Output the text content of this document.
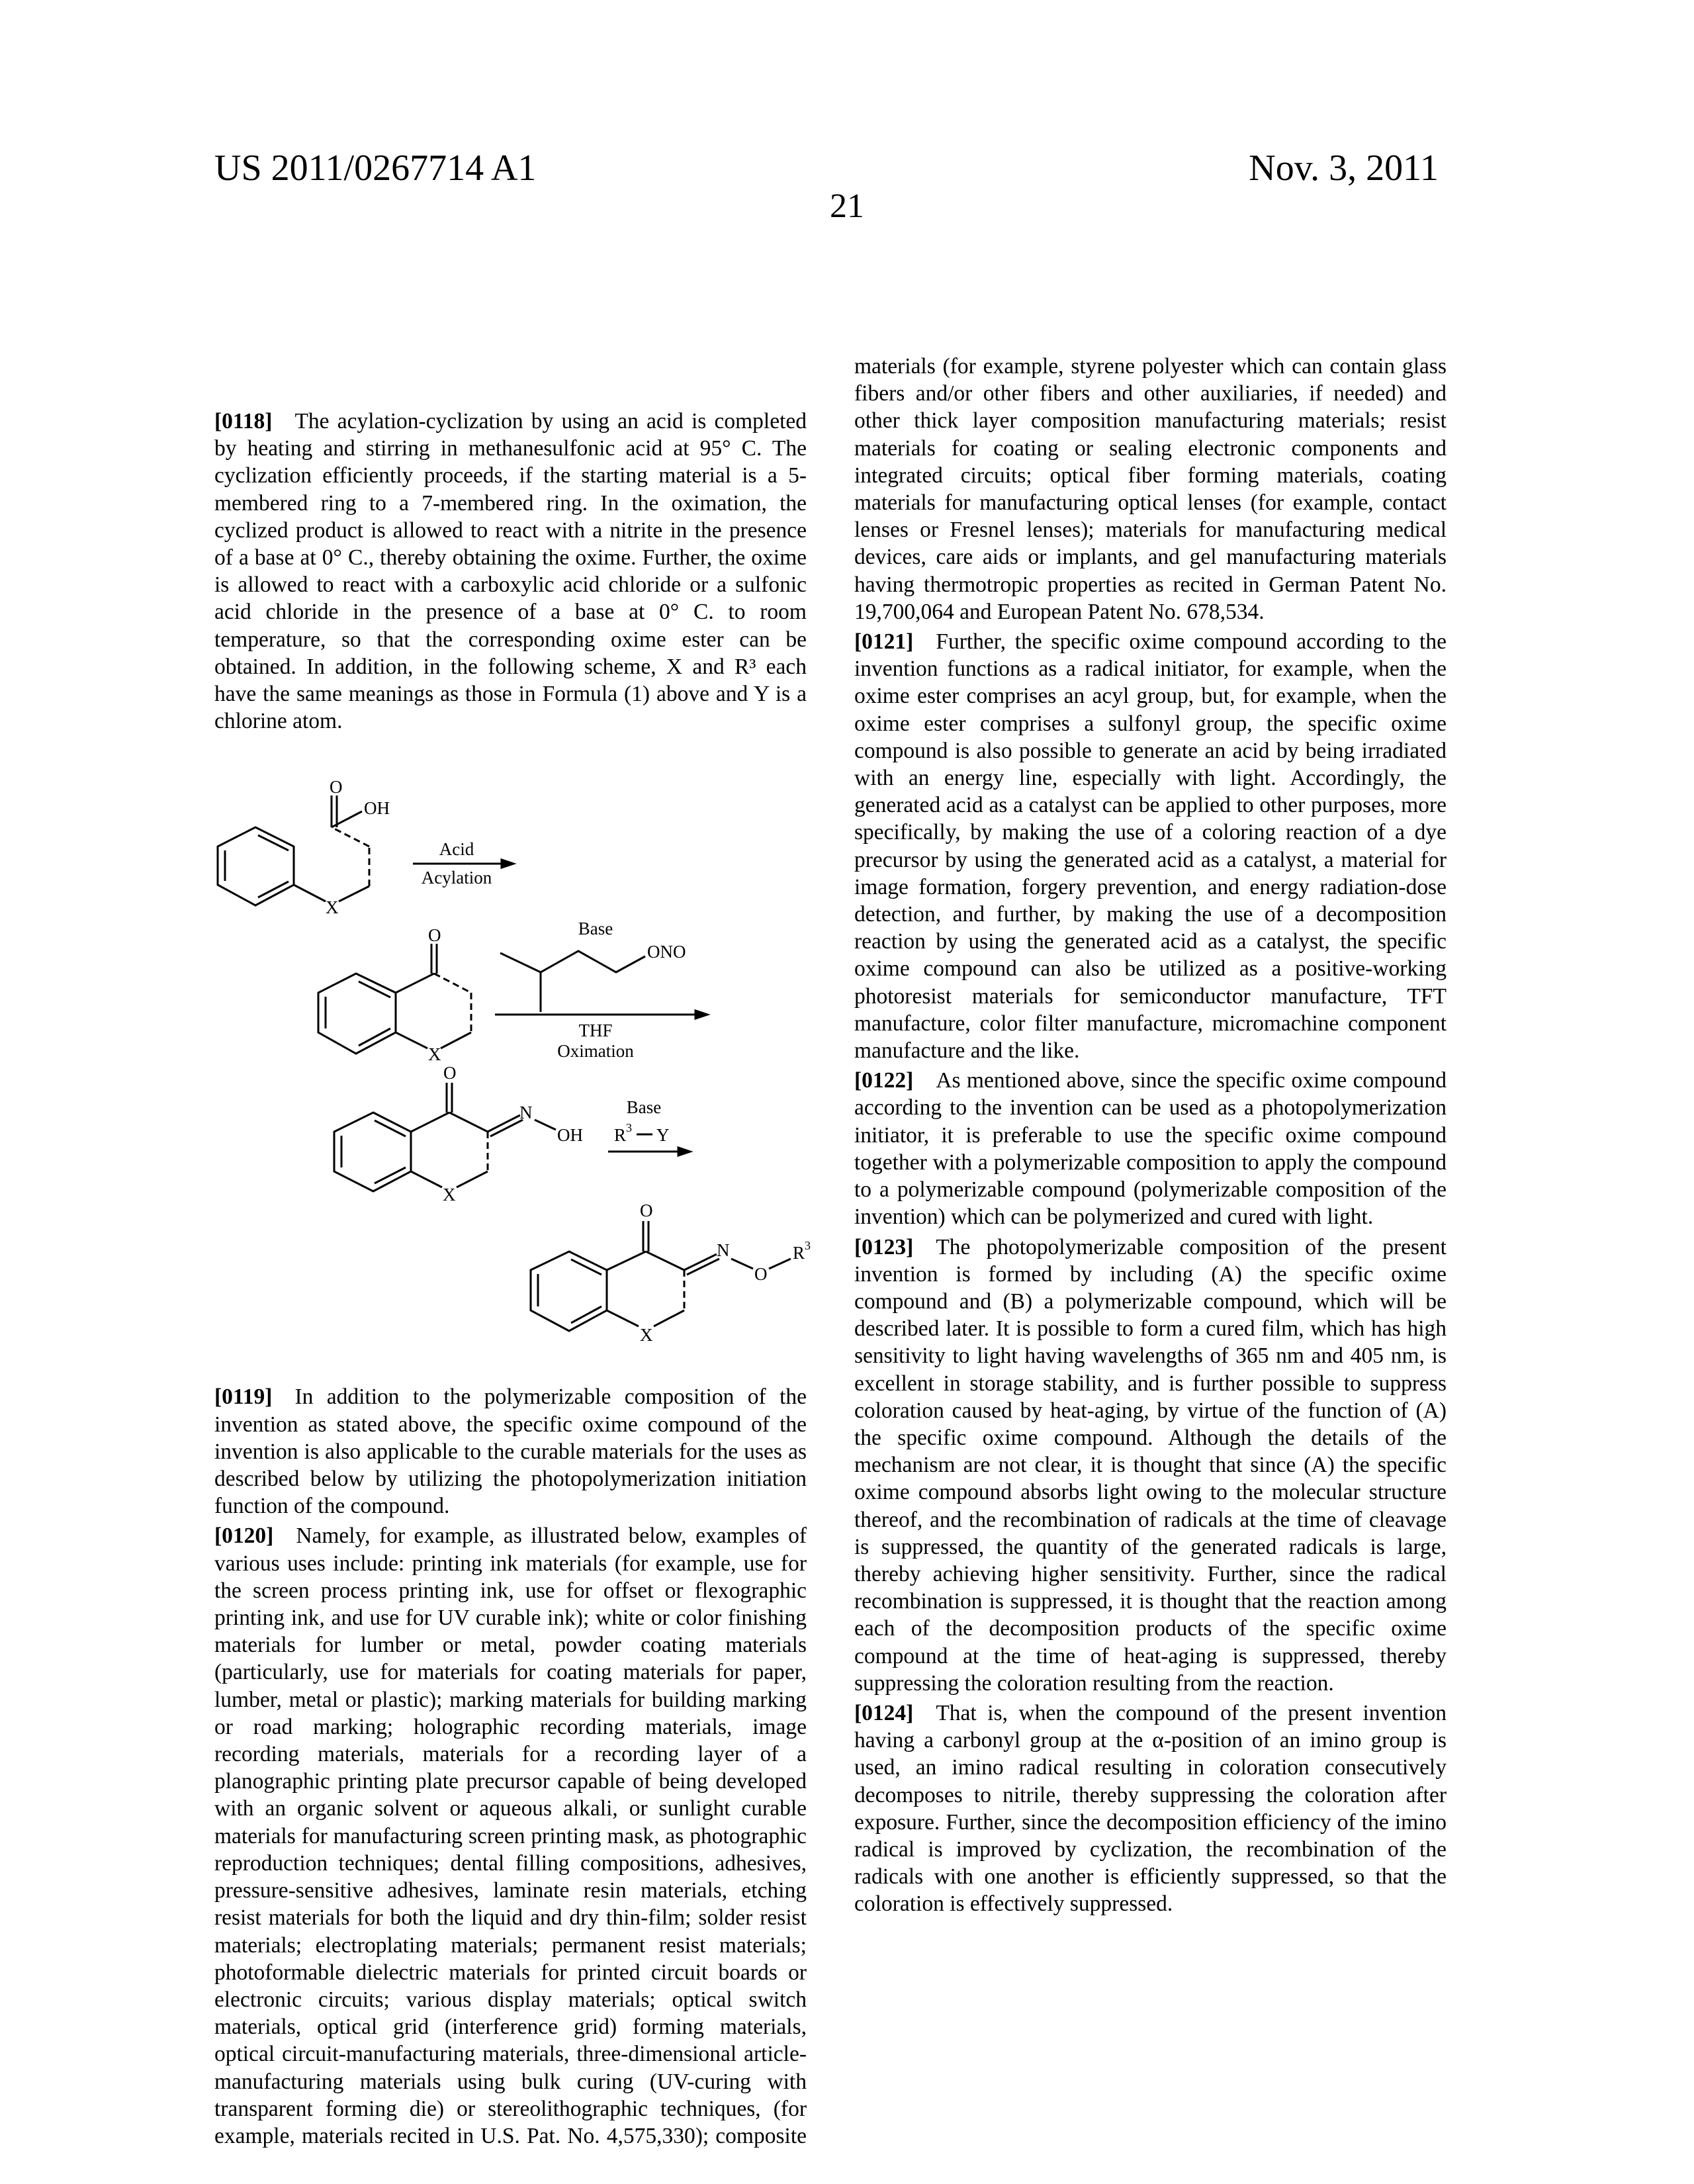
US 2011/0267714 A1	Nov. 3, 2011
21

[0118] The acylation-cyclization by using an acid is completed by heating and stirring in methanesulfonic acid at 95° C. The cyclization efficiently proceeds, if the starting material is a 5-membered ring to a 7-membered ring. In the oximation, the cyclized product is allowed to react with a nitrite in the presence of a base at 0° C., thereby obtaining the oxime. Further, the oxime is allowed to react with a carboxylic acid chloride or a sulfonic acid chloride in the presence of a base at 0° C. to room temperature, so that the corresponding oxime ester can be obtained. In addition, in the following scheme, X and R³ each have the same meanings as those in Formula (1) above and Y is a chlorine atom.

O
OH
X
Acid
Acylation
O
X
Base
ONO
THF
Oximation
O
N
OH
X
Base
R 3 Y
O
N
O
R 3
X

[0119] In addition to the polymerizable composition of the invention as stated above, the specific oxime compound of the invention is also applicable to the curable materials for the uses as described below by utilizing the photopolymerization initiation function of the compound.

[0120] Namely, for example, as illustrated below, examples of various uses include: printing ink materials (for example, use for the screen process printing ink, use for offset or flexographic printing ink, and use for UV curable ink); white or color finishing materials for lumber or metal, powder coating materials (particularly, use for materials for coating materials for paper, lumber, metal or plastic); marking materials for building marking or road marking; holographic recording materials, image recording materials, materials for a recording layer of a planographic printing plate precursor capable of being developed with an organic solvent or aqueous alkali, or sunlight curable materials for manufacturing screen printing mask, as photographic reproduction techniques; dental filling compositions, adhesives, pressure-sensitive adhesives, laminate resin materials, etching resist materials for both the liquid and dry thin-film; solder resist materials; electroplating materials; permanent resist materials; photoformable dielectric materials for printed circuit boards or electronic circuits; various display materials; optical switch materials, optical grid (interference grid) forming materials, optical circuit-manufacturing materials, three-dimensional article-manufacturing materials using bulk curing (UV-curing with transparent forming die) or stereolithographic techniques, (for example, materials recited in U.S. Pat. No. 4,575,330); composite materials (for example, styrene polyester which can contain glass fibers and/or other fibers and other auxiliaries, if needed) and other thick layer composition manufacturing materials; resist materials for coating or sealing electronic components and integrated circuits; optical fiber forming materials, coating materials for manufacturing optical lenses (for example, contact lenses or Fresnel lenses); materials for manufacturing medical devices, care aids or implants, and gel manufacturing materials having thermotropic properties as recited in German Patent No. 19,700,064 and European Patent No. 678,534.

[0121] Further, the specific oxime compound according to the invention functions as a radical initiator, for example, when the oxime ester comprises an acyl group, but, for example, when the oxime ester comprises a sulfonyl group, the specific oxime compound is also possible to generate an acid by being irradiated with an energy line, especially with light. Accordingly, the generated acid as a catalyst can be applied to other purposes, more specifically, by making the use of a coloring reaction of a dye precursor by using the generated acid as a catalyst, a material for image formation, forgery prevention, and energy radiation-dose detection, and further, by making the use of a decomposition reaction by using the generated acid as a catalyst, the specific oxime compound can also be utilized as a positive-working photoresist materials for semiconductor manufacture, TFT manufacture, color filter manufacture, micromachine component manufacture and the like.

[0122] As mentioned above, since the specific oxime compound according to the invention can be used as a photopolymerization initiator, it is preferable to use the specific oxime compound together with a polymerizable composition to apply the compound to a polymerizable compound (polymerizable composition of the invention) which can be polymerized and cured with light.

[0123] The photopolymerizable composition of the present invention is formed by including (A) the specific oxime compound and (B) a polymerizable compound, which will be described later. It is possible to form a cured film, which has high sensitivity to light having wavelengths of 365 nm and 405 nm, is excellent in storage stability, and is further possible to suppress coloration caused by heat-aging, by virtue of the function of (A) the specific oxime compound. Although the details of the mechanism are not clear, it is thought that since (A) the specific oxime compound absorbs light owing to the molecular structure thereof, and the recombination of radicals at the time of cleavage is suppressed, the quantity of the generated radicals is large, thereby achieving higher sensitivity. Further, since the radical recombination is suppressed, it is thought that the reaction among each of the decomposition products of the specific oxime compound at the time of heat-aging is suppressed, thereby suppressing the coloration resulting from the reaction.

[0124] That is, when the compound of the present invention having a carbonyl group at the α-position of an imino group is used, an imino radical resulting in coloration consecutively decomposes to nitrile, thereby suppressing the coloration after exposure. Further, since the decomposition efficiency of the imino radical is improved by cyclization, the recombination of the radicals with one another is efficiently suppressed, so that the coloration is effectively suppressed.
